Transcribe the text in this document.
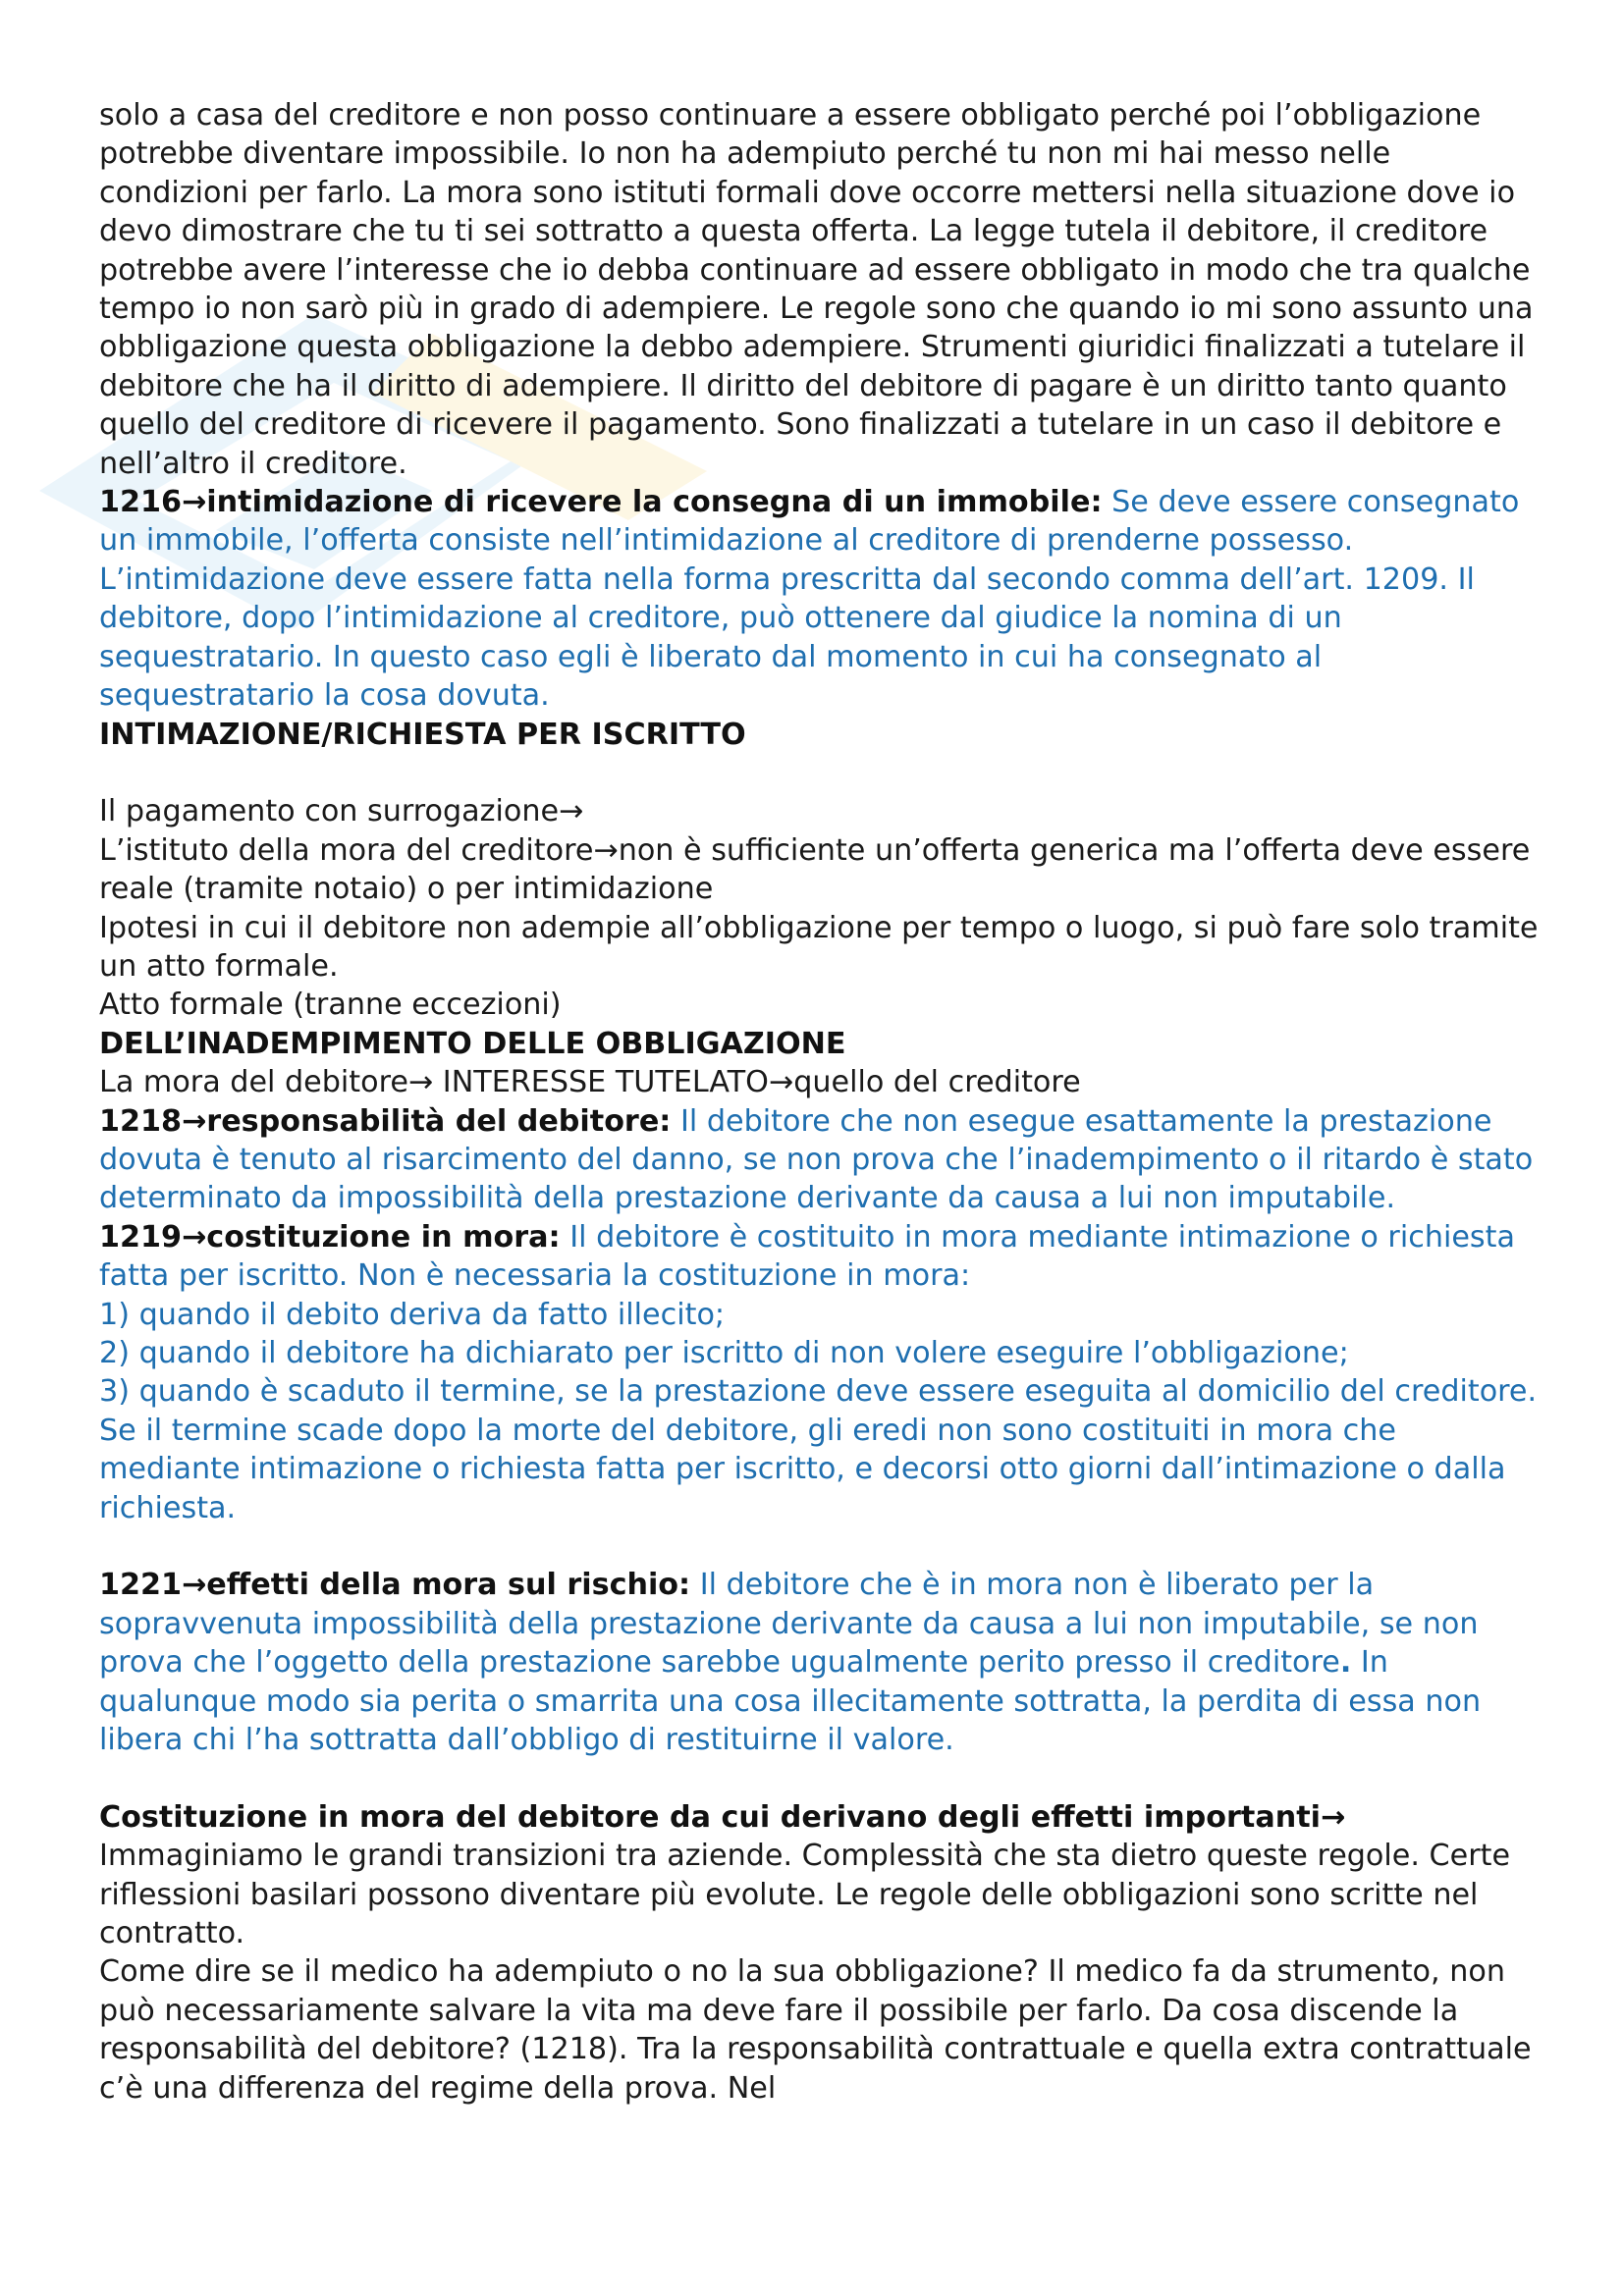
solo a casa del creditore e non posso continuare a essere obbligato perché poi l’obbligazione potrebbe diventare impossibile. Io non ha adempiuto perché tu non mi hai messo nelle condizioni per farlo. La mora sono istituti formali dove occorre mettersi nella situazione dove io devo dimostrare che tu ti sei sottratto a questa offerta. La legge tutela il debitore, il creditore potrebbe avere l’interesse che io debba continuare ad essere obbligato in modo che tra qualche tempo io non sarò più in grado di adempiere. Le regole sono che quando io mi sono assunto una obbligazione questa obbligazione la debbo adempiere. Strumenti giuridici finalizzati a tutelare il debitore che ha il diritto di adempiere. Il diritto del debitore di pagare è un diritto tanto quanto quello del creditore di ricevere il pagamento. Sono finalizzati a tutelare in un caso il debitore e nell’altro il creditore.

1216→intimidazione di ricevere la consegna di un immobile: Se deve essere consegnato un immobile, l’offerta consiste nell’intimidazione al creditore di prenderne possesso. L’intimidazione deve essere fatta nella forma prescritta dal secondo comma dell’art. 1209. Il debitore, dopo l’intimidazione al creditore, può ottenere dal giudice la nomina di un sequestratario. In questo caso egli è liberato dal momento in cui ha consegnato al sequestratario la cosa dovuta.

INTIMAZIONE/RICHIESTA PER ISCRITTO

Il pagamento con surrogazione→

L’istituto della mora del creditore→non è sufficiente un’offerta generica ma l’offerta deve essere reale (tramite notaio) o per intimidazione

Ipotesi in cui il debitore non adempie all’obbligazione per tempo o luogo, si può fare solo tramite un atto formale.

Atto formale (tranne eccezioni)

DELL’INADEMPIMENTO DELLE OBBLIGAZIONE

La mora del debitore→ INTERESSE TUTELATO→quello del creditore

1218→responsabilità del debitore: Il debitore che non esegue esattamente la prestazione dovuta è tenuto al risarcimento del danno, se non prova che l’inadempimento o il ritardo è stato determinato da impossibilità della prestazione derivante da causa a lui non imputabile.

1219→costituzione in mora: Il debitore è costituito in mora mediante intimazione o richiesta fatta per iscritto. Non è necessaria la costituzione in mora:

1) quando il debito deriva da fatto illecito;

2) quando il debitore ha dichiarato per iscritto di non volere eseguire l’obbligazione;

3) quando è scaduto il termine, se la prestazione deve essere eseguita al domicilio del creditore. Se il termine scade dopo la morte del debitore, gli eredi non sono costituiti in mora che mediante intimazione o richiesta fatta per iscritto, e decorsi otto giorni dall’intimazione o dalla richiesta.

1221→effetti della mora sul rischio: Il debitore che è in mora non è liberato per la sopravvenuta impossibilità della prestazione derivante da causa a lui non imputabile, se non prova che l’oggetto della prestazione sarebbe ugualmente perito presso il creditore. In qualunque modo sia perita o smarrita una cosa illecitamente sottratta, la perdita di essa non libera chi l’ha sottratta dall’obbligo di restituirne il valore.

Costituzione in mora del debitore da cui derivano degli effetti importanti→

Immaginiamo le grandi transizioni tra aziende. Complessità che sta dietro queste regole. Certe riflessioni basilari possono diventare più evolute. Le regole delle obbligazioni sono scritte nel contratto.

Come dire se il medico ha adempiuto o no la sua obbligazione? Il medico fa da strumento, non può necessariamente salvare la vita ma deve fare il possibile per farlo. Da cosa discende la responsabilità del debitore? (1218). Tra la responsabilità contrattuale e quella extra contrattuale c’è una differenza del regime della prova. Nel
